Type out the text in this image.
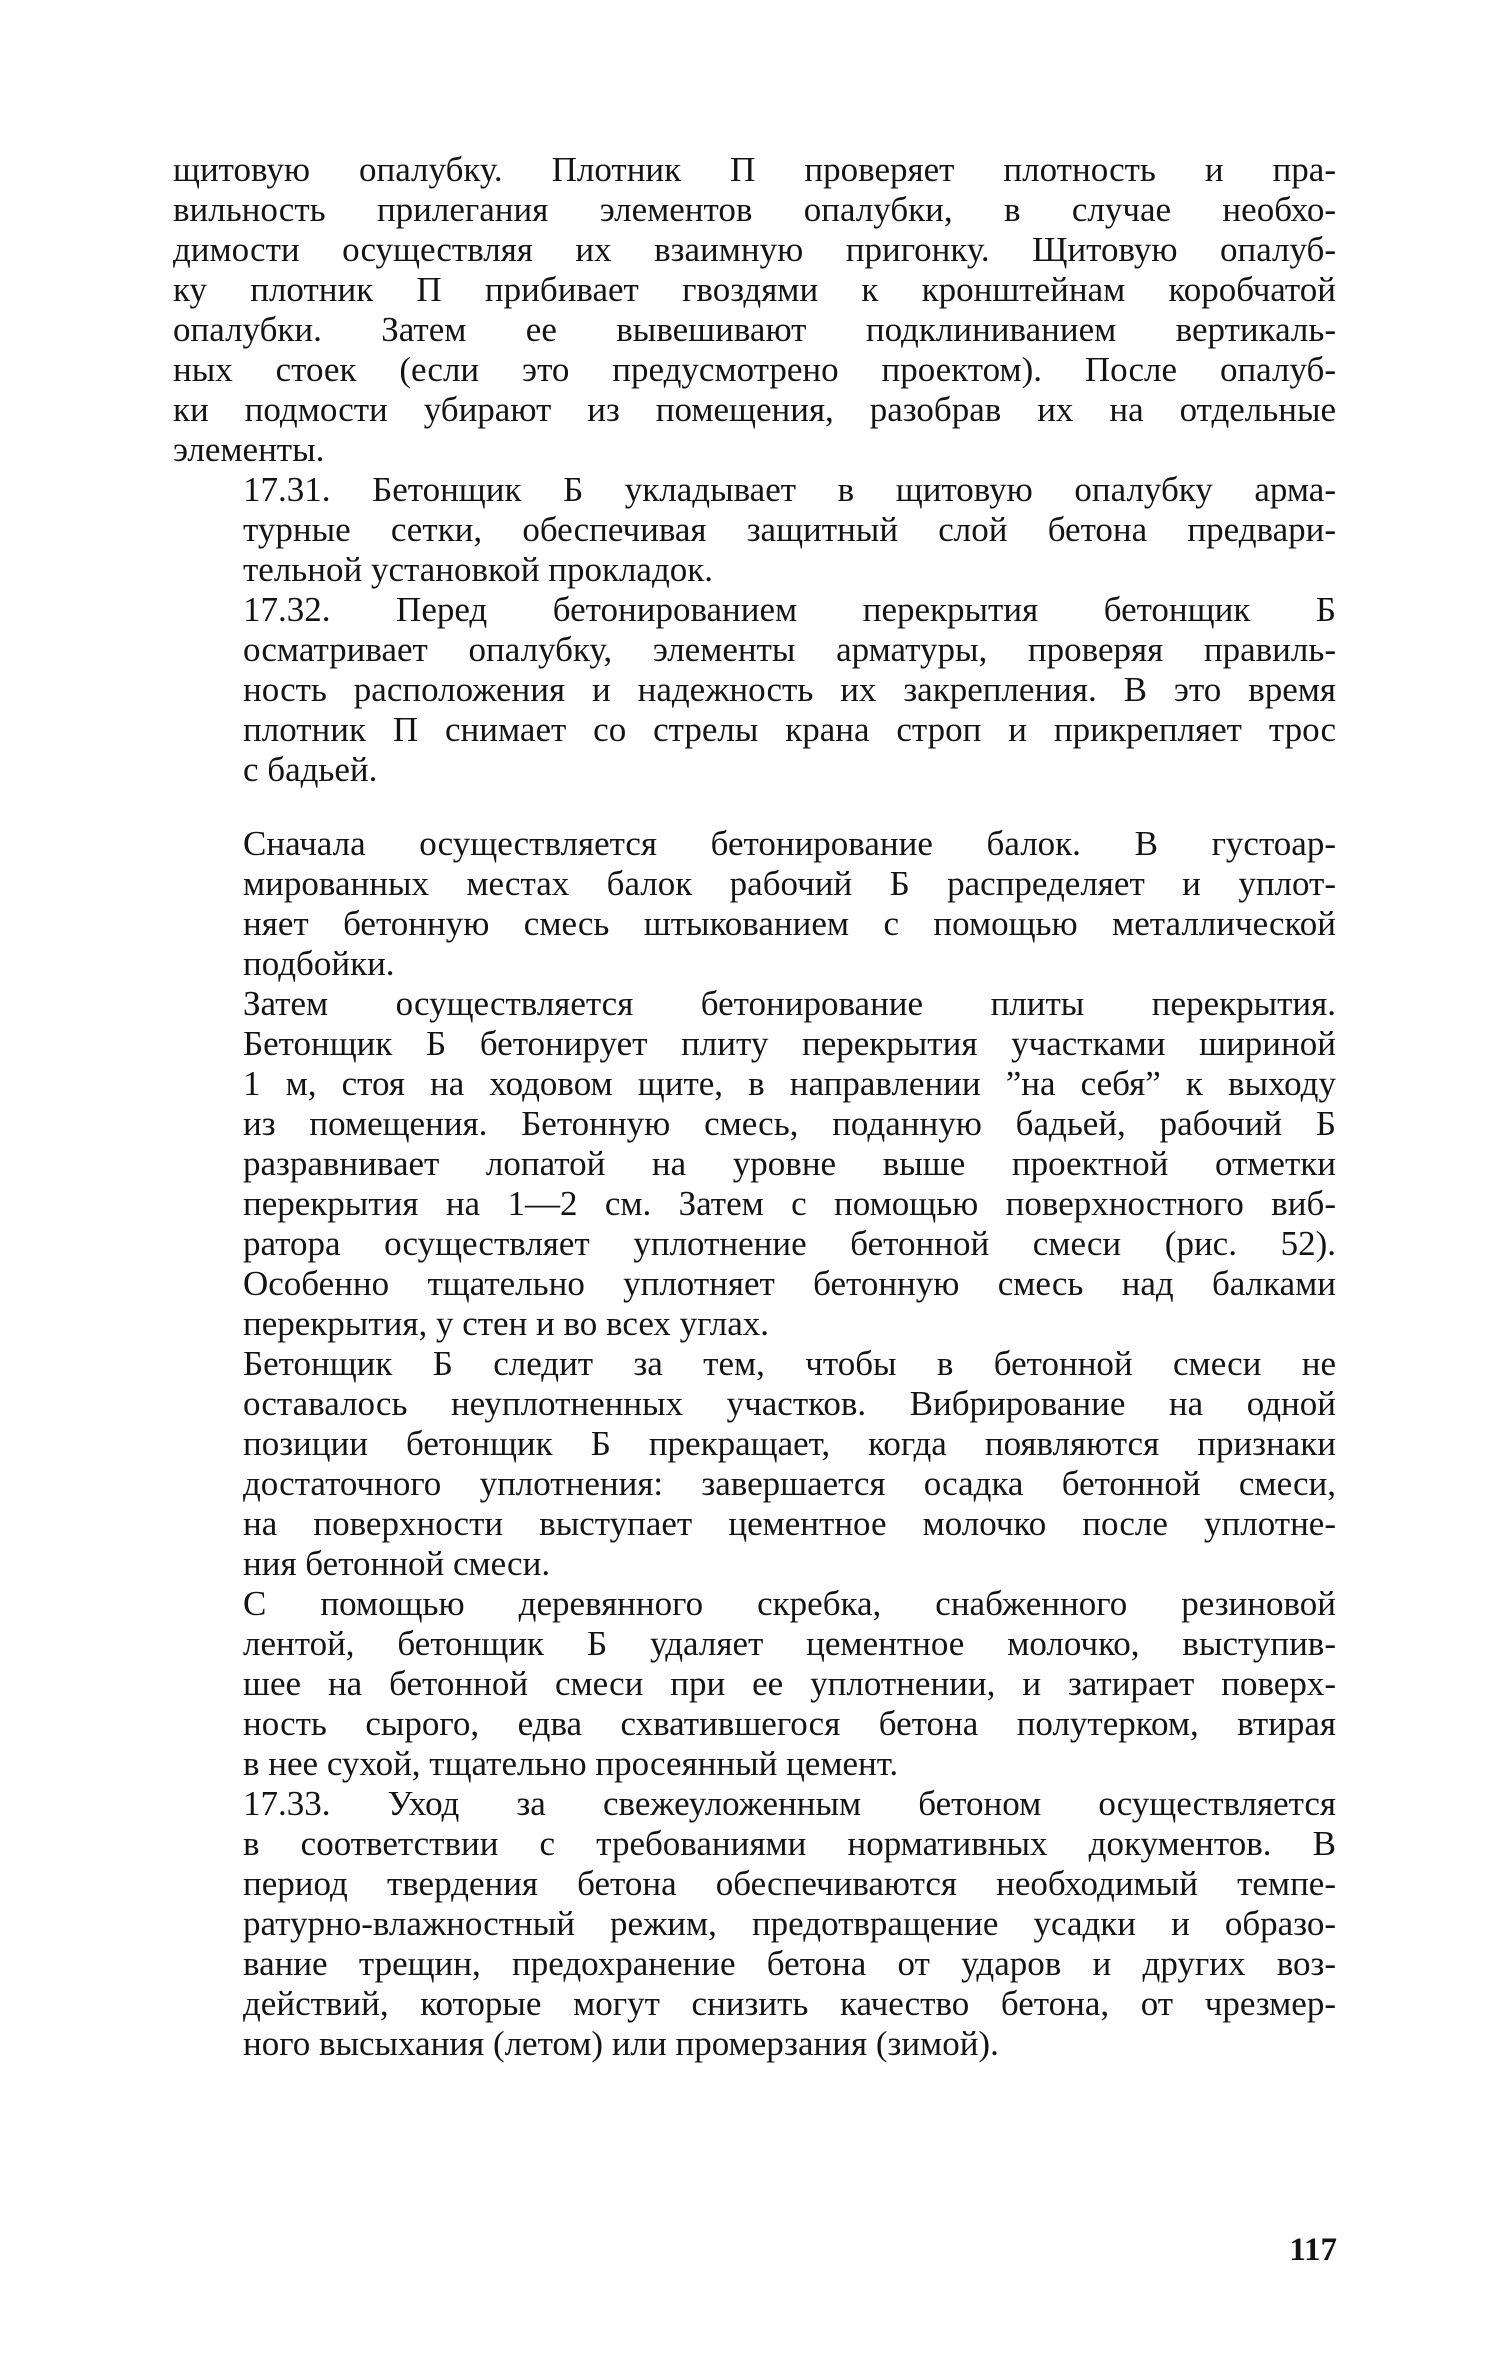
щитовую опалубку. Плотник П проверяет плотность и пра-
вильность прилегания элементов опалубки, в случае необхо-
димости осуществляя их взаимную пригонку. Щитовую опалуб-
ку плотник П прибивает гвоздями к кронштейнам коробчатой
опалубки. Затем ее вывешивают подклиниванием вертикаль-
ных стоек (если это предусмотрено проектом). После опалуб-
ки подмости убирают из помещения, разобрав их на отдельные
элементы.
17.31. Бетонщик Б укладывает в щитовую опалубку арма-
турные сетки, обеспечивая защитный слой бетона предвари-
тельной установкой прокладок.
17.32. Перед бетонированием перекрытия бетонщик Б
осматривает опалубку, элементы арматуры, проверяя правиль-
ность расположения и надежность их закрепления. В это время
плотник П снимает со стрелы крана строп и прикрепляет трос
с бадьей.
Сначала осуществляется бетонирование балок. В густоар-
мированных местах балок рабочий Б распределяет и уплот-
няет бетонную смесь штыкованием с помощью металлической
подбойки.
Затем осуществляется бетонирование плиты перекрытия.
Бетонщик Б бетонирует плиту перекрытия участками шириной
1 м, стоя на ходовом щите, в направлении ”на себя” к выходу
из помещения. Бетонную смесь, поданную бадьей, рабочий Б
разравнивает лопатой на уровне выше проектной отметки
перекрытия на 1—2 см. Затем с помощью поверхностного виб-
ратора осуществляет уплотнение бетонной смеси (рис. 52).
Особенно тщательно уплотняет бетонную смесь над балками
перекрытия, у стен и во всех углах.
Бетонщик Б следит за тем, чтобы в бетонной смеси не
оставалось неуплотненных участков. Вибрирование на одной
позиции бетонщик Б прекращает, когда появляются признаки
достаточного уплотнения: завершается осадка бетонной смеси,
на поверхности выступает цементное молочко после уплотне-
ния бетонной смеси.
С помощью деревянного скребка, снабженного резиновой
лентой, бетонщик Б удаляет цементное молочко, выступив-
шее на бетонной смеси при ее уплотнении, и затирает поверх-
ность сырого, едва схватившегося бетона полутерком, втирая
в нее сухой, тщательно просеянный цемент.
17.33. Уход за свежеуложенным бетоном осуществляется
в соответствии с требованиями нормативных документов. В
период твердения бетона обеспечиваются необходимый темпе-
ратурно-влажностный режим, предотвращение усадки и образо-
вание трещин, предохранение бетона от ударов и других воз-
действий, которые могут снизить качество бетона, от чрезмер-
ного высыхания (летом) или промерзания (зимой).
117
